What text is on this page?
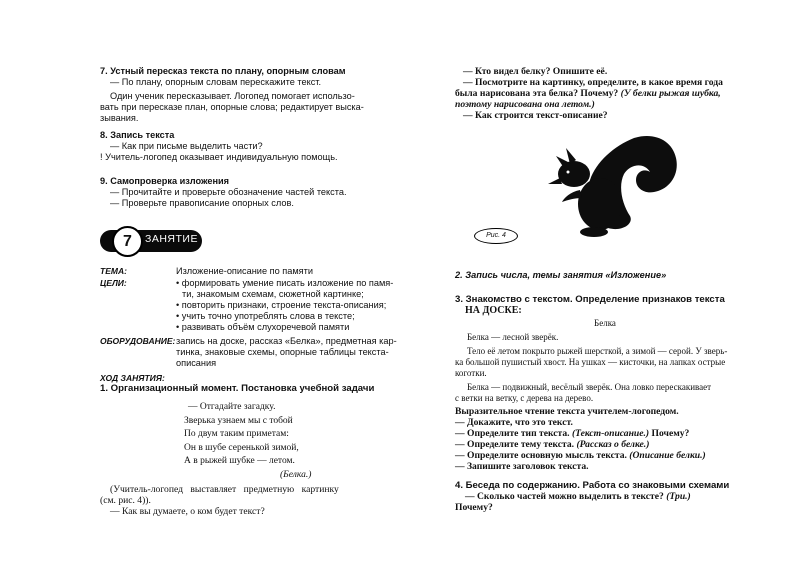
7. Устный пересказ текста по плану, опорным словам

— По плану, опорным словам перескажите текст.

Один ученик пересказывает. Логопед помогает использо-

вать при пересказе план, опорные слова; редактирует выска-

зывания.

8. Запись текста

— Как при письме выделить части?

! Учитель-логопед оказывает индивидуальную помощь.

9. Самопроверка изложения

— Прочитайте и проверьте обозначение частей текста.

— Проверьте правописание опорных слов.

7	ЗАНЯТИЕ
ТЕМА:	Изложение-описание по памяти
ЦЕЛИ:	• формировать умение писать изложение по памя-

ти, знакомым схемам, сюжетной картинке;

• повторить признаки, строение текста-описания;

• учить точно употреблять слова в тексте;

• развивать объём слухоречевой памяти

ОБОРУДОВАНИЕ: запись на доске, рассказ «Белка», предметная кар-

тинка, знаковые схемы, опорные таблицы текста-

описания

ХОД ЗАНЯТИЯ:
1. Организационный момент. Постановка учебной задачи

— Отгадайте загадку.

Зверька узнаем мы с тобой

По двум таким приметам:

Он в шубе серенькой зимой,

А в рыжей шубке — летом.

(Белка.)

(Учитель-логопед выставляет предметную картинку

(см. рис. 4)).

— Как вы думаете, о ком будет текст?

— Кто видел белку? Опишите её.

— Посмотрите на картинку, определите, в какое время года

была нарисована эта белка? Почему? (У белки рыжая шубка,

поэтому нарисована она летом.)

— Как строится текст-описание?

Рис. 4
2. Запись числа, темы занятия «Изложение»

3. Знакомство с текстом. Определение признаков текста

НА ДОСКЕ:

Белка

Белка — лесной зверёк.

Тело её летом покрыто рыжей шерсткой, а зимой — серой. У зверь-

ка большой пушистый хвост. На ушках — кисточки, на лапках острые

коготки.

Белка — подвижный, весёлый зверёк. Она ловко перескакивает

с ветки на ветку, с дерева на дерево.

Выразительное чтение текста учителем-логопедом.

— Докажите, что это текст.

— Определите тип текста. (Текст-описание.) Почему?

— Определите тему текста. (Рассказ о белке.)

— Определите основную мысль текста. (Описание белки.)

— Запишите заголовок текста.

4. Беседа по содержанию. Работа со знаковыми схемами

— Сколько частей можно выделить в тексте? (Три.)

Почему?
